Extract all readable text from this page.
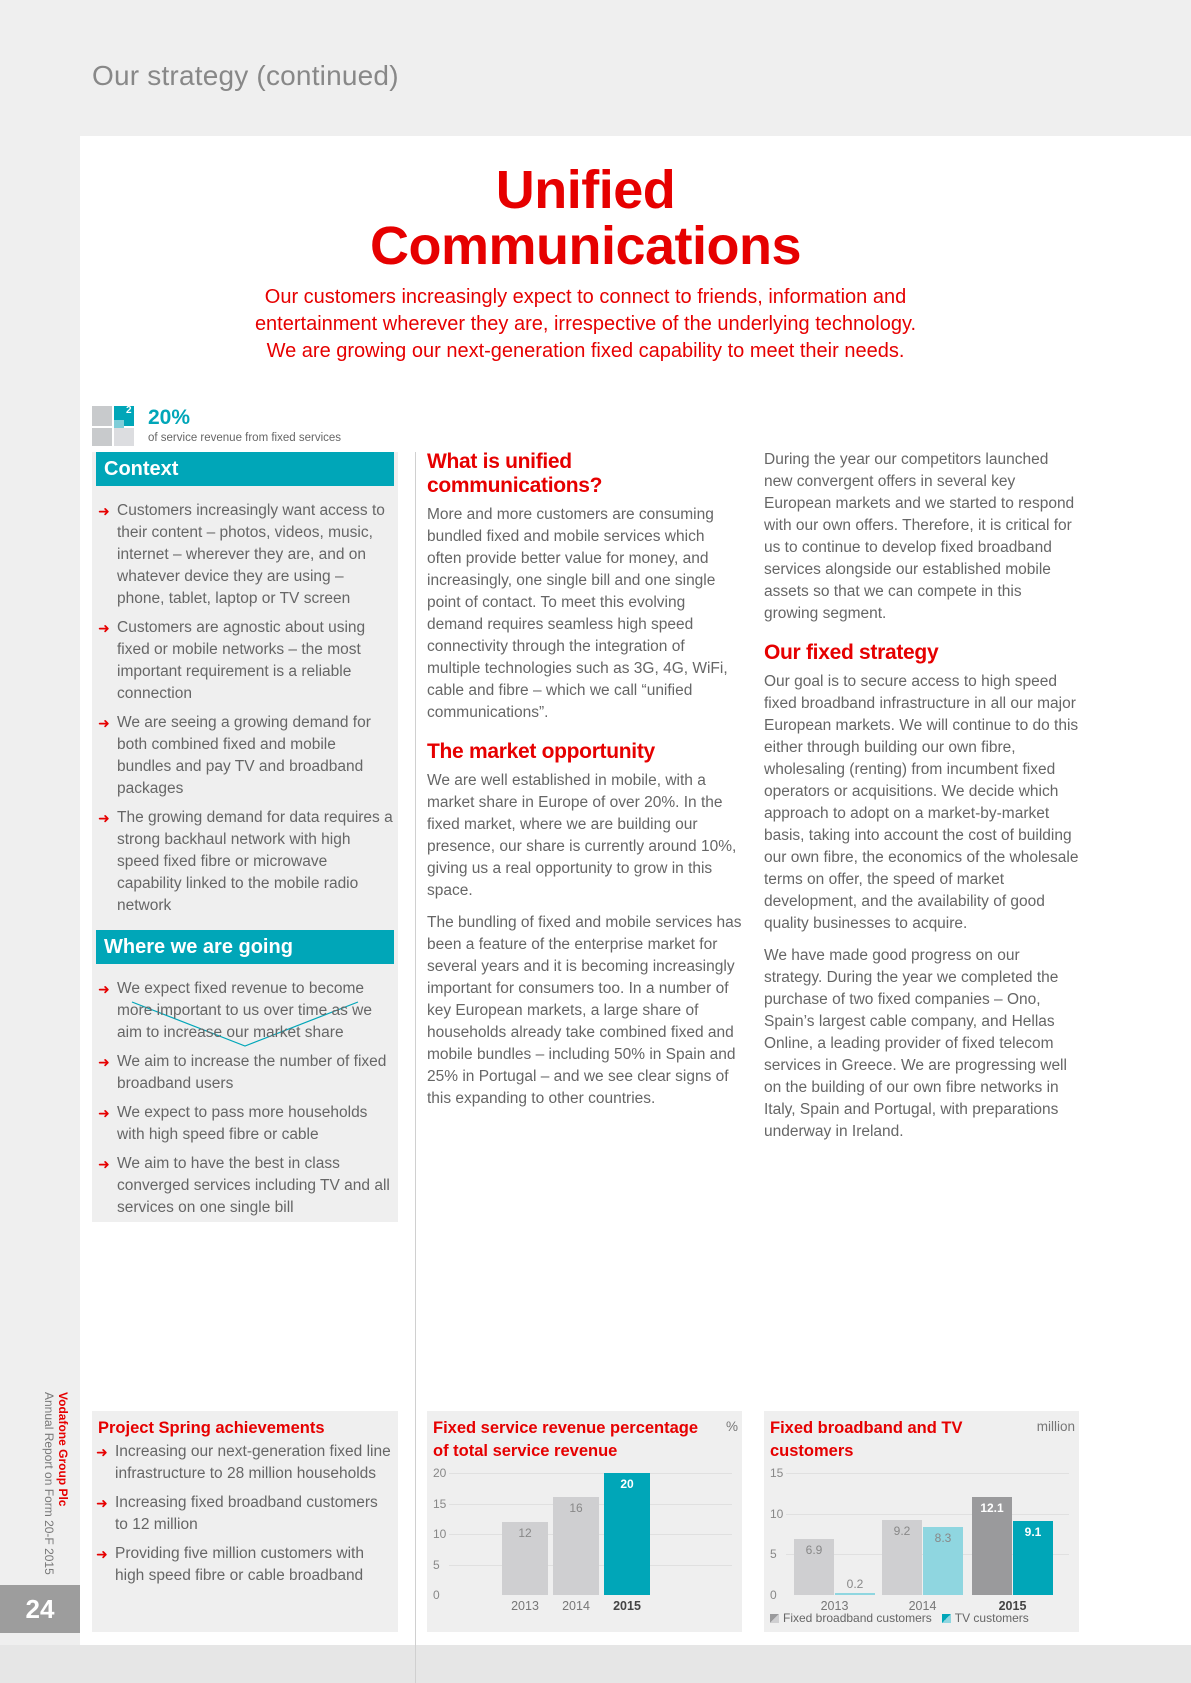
Our strategy (continued)
Vodafone Group Plc
Annual Report on Form 20-F 2015
24
Unified
Communications
Our customers increasingly expect to connect to friends, information and
entertainment wherever they are, irrespective of the underlying technology.
We are growing our next-generation fixed capability to meet their needs.
2 20%
of service revenue from fixed services
Context
➜ Customers increasingly want access to their content – photos, videos, music, internet – wherever they are, and on whatever device they are using – phone, tablet, laptop or TV screen
➜ Customers are agnostic about using fixed or mobile networks – the most important requirement is a reliable connection
➜ We are seeing a growing demand for both combined fixed and mobile bundles and pay TV and broadband packages
➜ The growing demand for data requires a strong backhaul network with high speed fixed fibre or microwave capability linked to the mobile radio network
Where we are going
➜ We expect fixed revenue to become more important to us over time as we aim to increase our market share
➜ We aim to increase the number of fixed broadband users
➜ We expect to pass more households with high speed fibre or cable
➜ We aim to have the best in class converged services including TV and all services on one single bill
What is unified communications?

More and more customers are consuming bundled fixed and mobile services which often provide better value for money, and increasingly, one single bill and one single point of contact. To meet this evolving demand requires seamless high speed connectivity through the integration of multiple technologies such as 3G, 4G, WiFi, cable and fibre – which we call “unified communications”.

The market opportunity

We are well established in mobile, with a market share in Europe of over 20%. In the fixed market, where we are building our presence, our share is currently around 10%, giving us a real opportunity to grow in this space.

The bundling of fixed and mobile services has been a feature of the enterprise market for several years and it is becoming increasingly important for consumers too. In a number of key European markets, a large share of households already take combined fixed and mobile bundles – including 50% in Spain and 25% in Portugal – and we see clear signs of this expanding to other countries.

During the year our competitors launched new convergent offers in several key European markets and we started to respond with our own offers. Therefore, it is critical for us to continue to develop fixed broadband services alongside our established mobile assets so that we can compete in this growing segment.

Our fixed strategy

Our goal is to secure access to high speed fixed broadband infrastructure in all our major European markets. We will continue to do this either through building our own fibre, wholesaling (renting) from incumbent fixed operators or acquisitions. We decide which approach to adopt on a market-by-market basis, taking into account the cost of building our own fibre, the economics of the wholesale terms on offer, the speed of market development, and the availability of good quality businesses to acquire.

We have made good progress on our strategy. During the year we completed the purchase of two fixed companies – Ono, Spain’s largest cable company, and Hellas Online, a leading provider of fixed telecom services in Greece. We are progressing well on the building of our own fibre networks in Italy, Spain and Portugal, with preparations underway in Ireland.

Project Spring achievements
➜ Increasing our next-generation fixed line infrastructure to 28 million households
➜ Increasing fixed broadband customers to 12 million
➜ Providing five million customers with high speed fibre or cable broadband
Fixed service revenue percentage of total service revenue
%
0
5
10
15
20
12
2013
16
2014
20
2015
Fixed broadband and TV customers
million
0
5
10
15
6.9
0.2
2013
9.2
8.3
2014
12.1
9.1
2015
Fixed broadband customers TV customers
